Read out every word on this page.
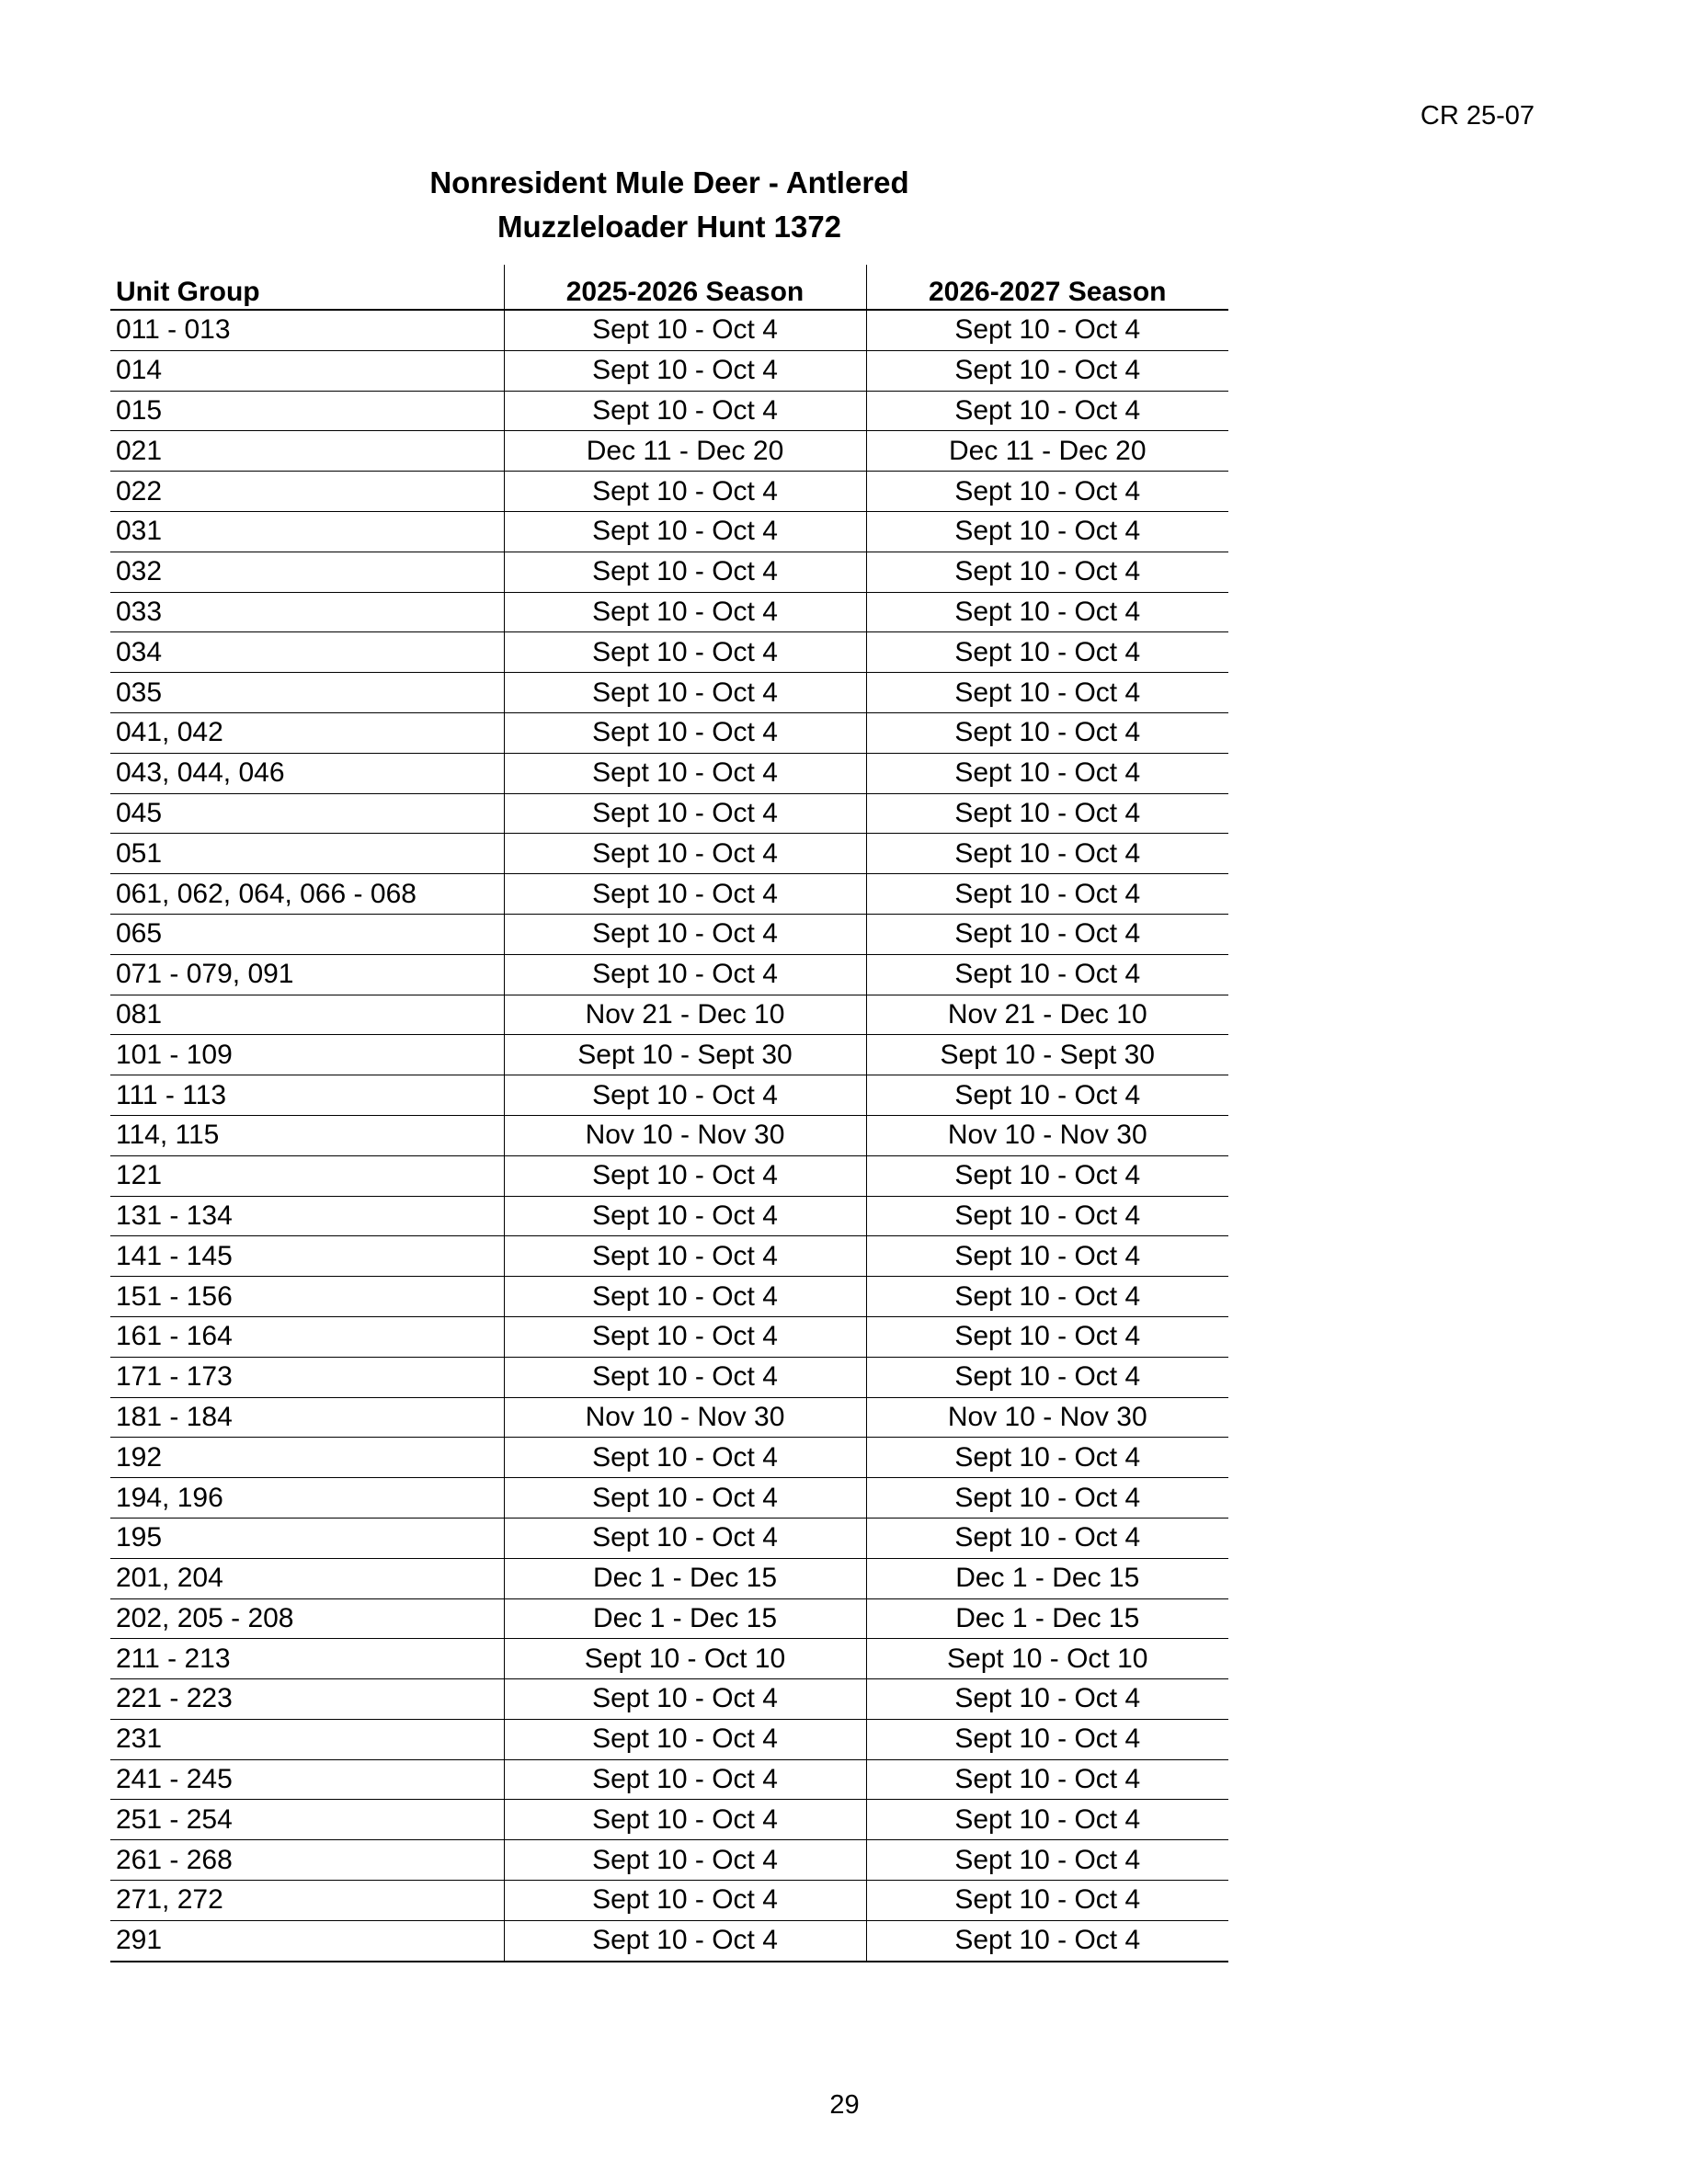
CR 25-07
Nonresident Mule Deer - Antlered
Muzzleloader Hunt 1372
Unit Group	2025-2026 Season	2026-2027 Season
011 - 013	Sept 10 - Oct 4	Sept 10 - Oct 4
014	Sept 10 - Oct 4	Sept 10 - Oct 4
015	Sept 10 - Oct 4	Sept 10 - Oct 4
021	Dec 11 - Dec 20	Dec 11 - Dec 20
022	Sept 10 - Oct 4	Sept 10 - Oct 4
031	Sept 10 - Oct 4	Sept 10 - Oct 4
032	Sept 10 - Oct 4	Sept 10 - Oct 4
033	Sept 10 - Oct 4	Sept 10 - Oct 4
034	Sept 10 - Oct 4	Sept 10 - Oct 4
035	Sept 10 - Oct 4	Sept 10 - Oct 4
041, 042	Sept 10 - Oct 4	Sept 10 - Oct 4
043, 044, 046	Sept 10 - Oct 4	Sept 10 - Oct 4
045	Sept 10 - Oct 4	Sept 10 - Oct 4
051	Sept 10 - Oct 4	Sept 10 - Oct 4
061, 062, 064, 066 - 068	Sept 10 - Oct 4	Sept 10 - Oct 4
065	Sept 10 - Oct 4	Sept 10 - Oct 4
071 - 079, 091	Sept 10 - Oct 4	Sept 10 - Oct 4
081	Nov 21 - Dec 10	Nov 21 - Dec 10
101 - 109	Sept 10 - Sept 30	Sept 10 - Sept 30
111 - 113	Sept 10 - Oct 4	Sept 10 - Oct 4
114, 115	Nov 10 - Nov 30	Nov 10 - Nov 30
121	Sept 10 - Oct 4	Sept 10 - Oct 4
131 - 134	Sept 10 - Oct 4	Sept 10 - Oct 4
141 - 145	Sept 10 - Oct 4	Sept 10 - Oct 4
151 - 156	Sept 10 - Oct 4	Sept 10 - Oct 4
161 - 164	Sept 10 - Oct 4	Sept 10 - Oct 4
171 - 173	Sept 10 - Oct 4	Sept 10 - Oct 4
181 - 184	Nov 10 - Nov 30	Nov 10 - Nov 30
192	Sept 10 - Oct 4	Sept 10 - Oct 4
194, 196	Sept 10 - Oct 4	Sept 10 - Oct 4
195	Sept 10 - Oct 4	Sept 10 - Oct 4
201, 204	Dec 1 - Dec 15	Dec 1 - Dec 15
202, 205 - 208	Dec 1 - Dec 15	Dec 1 - Dec 15
211 - 213	Sept 10 - Oct 10	Sept 10 - Oct 10
221 - 223	Sept 10 - Oct 4	Sept 10 - Oct 4
231	Sept 10 - Oct 4	Sept 10 - Oct 4
241 - 245	Sept 10 - Oct 4	Sept 10 - Oct 4
251 - 254	Sept 10 - Oct 4	Sept 10 - Oct 4
261 - 268	Sept 10 - Oct 4	Sept 10 - Oct 4
271, 272	Sept 10 - Oct 4	Sept 10 - Oct 4
291	Sept 10 - Oct 4	Sept 10 - Oct 4
29
